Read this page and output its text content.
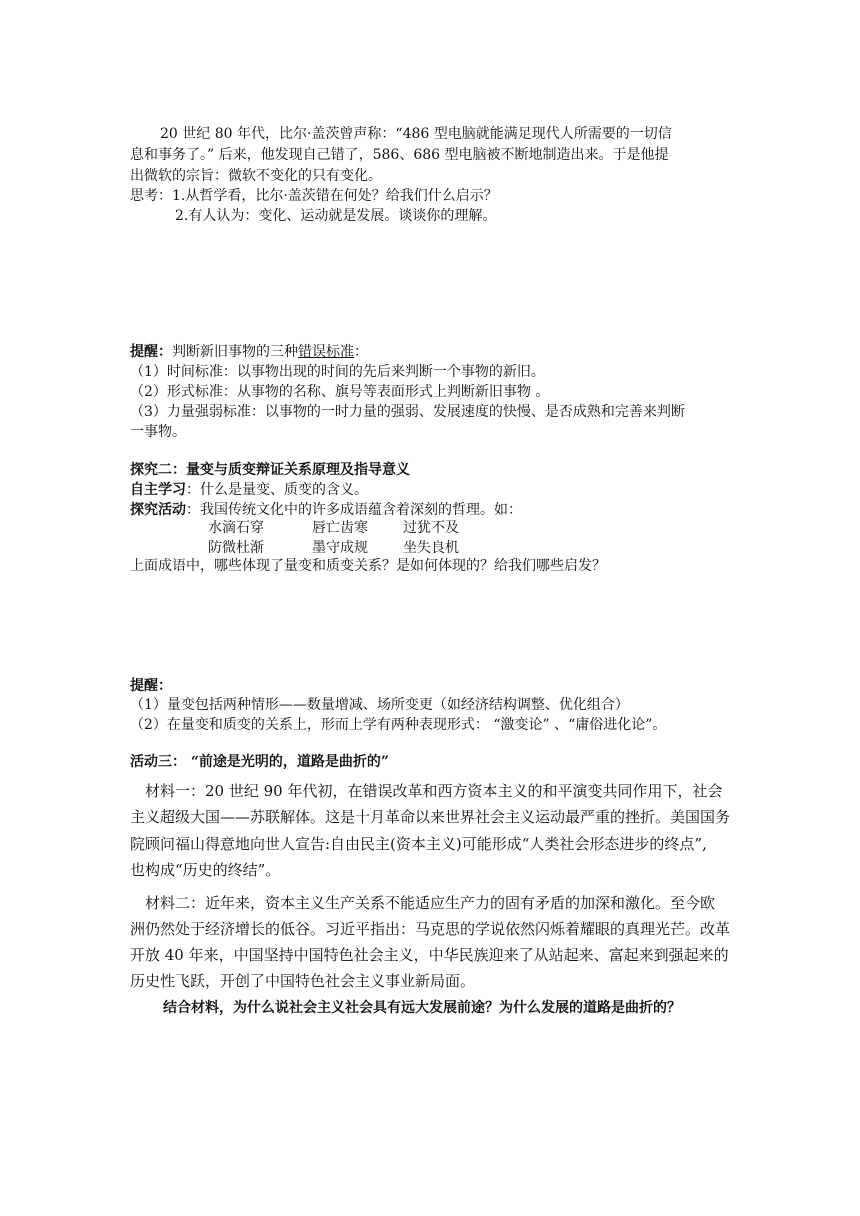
20 世纪 80 年代，比尔·盖茨曾声称：“486 型电脑就能满足现代人所需要的一切信
息和事务了。” 后来，他发现自己错了，586、686 型电脑被不断地制造出来。于是他提
出微软的宗旨：微软不变化的只有变化。
思考：1.从哲学看，比尔·盖茨错在何处？给我们什么启示？
2.有人认为：变化、运动就是发展。谈谈你的理解。
提醒：判断新旧事物的三种错误标准：
（1）时间标准：以事物出现的时间的先后来判断一个事物的新旧。
（2）形式标准：从事物的名称、旗号等表面形式上判断新旧事物 。
（3）力量强弱标准：以事物的一时力量的强弱、发展速度的快慢、是否成熟和完善来判断
一事物。
探究二：量变与质变辩证关系原理及指导意义
自主学习：什么是量变、质变的含义。
探究活动：我国传统文化中的许多成语蕴含着深刻的哲理。如：
水滴石穿	唇亡齿寒	过犹不及
防微杜渐	墨守成规	坐失良机
上面成语中，哪些体现了量变和质变关系？是如何体现的？给我们哪些启发？
提醒：
（1）量变包括两种情形——数量增减、场所变更（如经济结构调整、优化组合）
（2）在量变和质变的关系上，形而上学有两种表现形式： “激变论” 、“庸俗进化论”。
活动三： “前途是光明的，道路是曲折的”
材料一：20 世纪 90 年代初，在错误改革和西方资本主义的和平演变共同作用下，社会
主义超级大国——苏联解体。这是十月革命以来世界社会主义运动最严重的挫折。美国国务
院顾问福山得意地向世人宣告:自由民主(资本主义)可能形成“人类社会形态进步的终点”,
也构成“历史的终结”。
材料二：近年来，资本主义生产关系不能适应生产力的固有矛盾的加深和激化。至今欧
洲仍然处于经济增长的低谷。习近平指出：马克思的学说依然闪烁着耀眼的真理光芒。改革
开放 40 年来，中国坚持中国特色社会主义，中华民族迎来了从站起来、富起来到强起来的
历史性飞跃，开创了中国特色社会主义事业新局面。
结合材料，为什么说社会主义社会具有远大发展前途？为什么发展的道路是曲折的？
